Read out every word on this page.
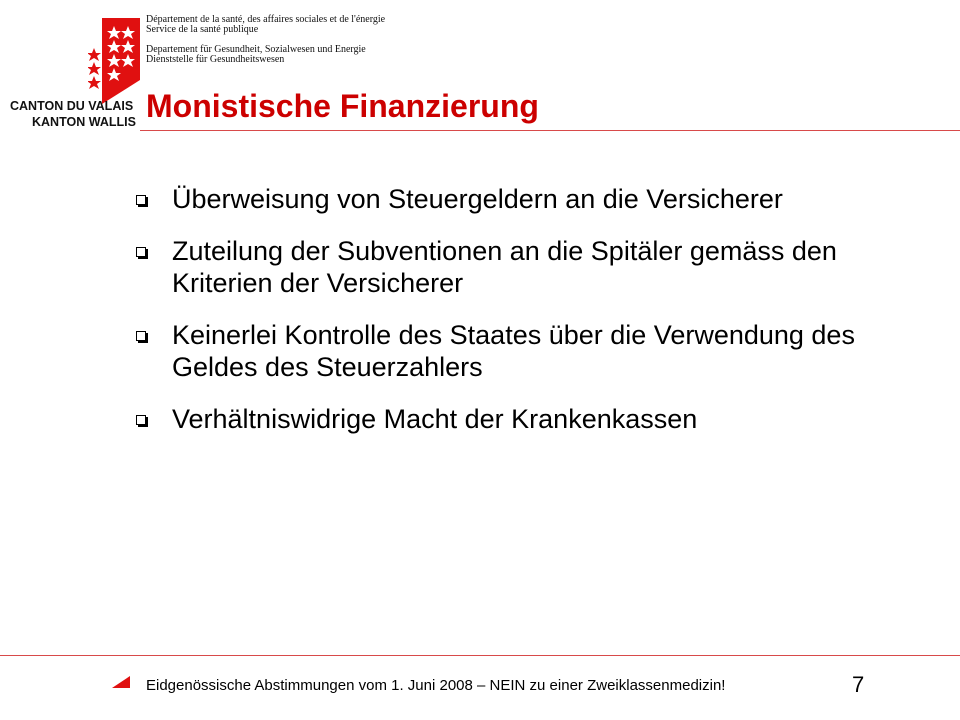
CANTON DU VALAIS
KANTON WALLIS
Département de la santé, des affaires sociales et de l'énergie
Service de la santé publique
Departement für Gesundheit, Sozialwesen und Energie
Dienststelle für Gesundheitswesen
Monistische Finanzierung
Überweisung von Steuergeldern an die Versicherer
Zuteilung der Subventionen an die Spitäler gemäss den Kriterien der Versicherer
Keinerlei Kontrolle des Staates über die Verwendung des Geldes des Steuerzahlers
Verhältniswidrige Macht der Krankenkassen
Eidgenössische Abstimmungen vom 1. Juni 2008 – NEIN zu einer Zweiklassenmedizin!	7
